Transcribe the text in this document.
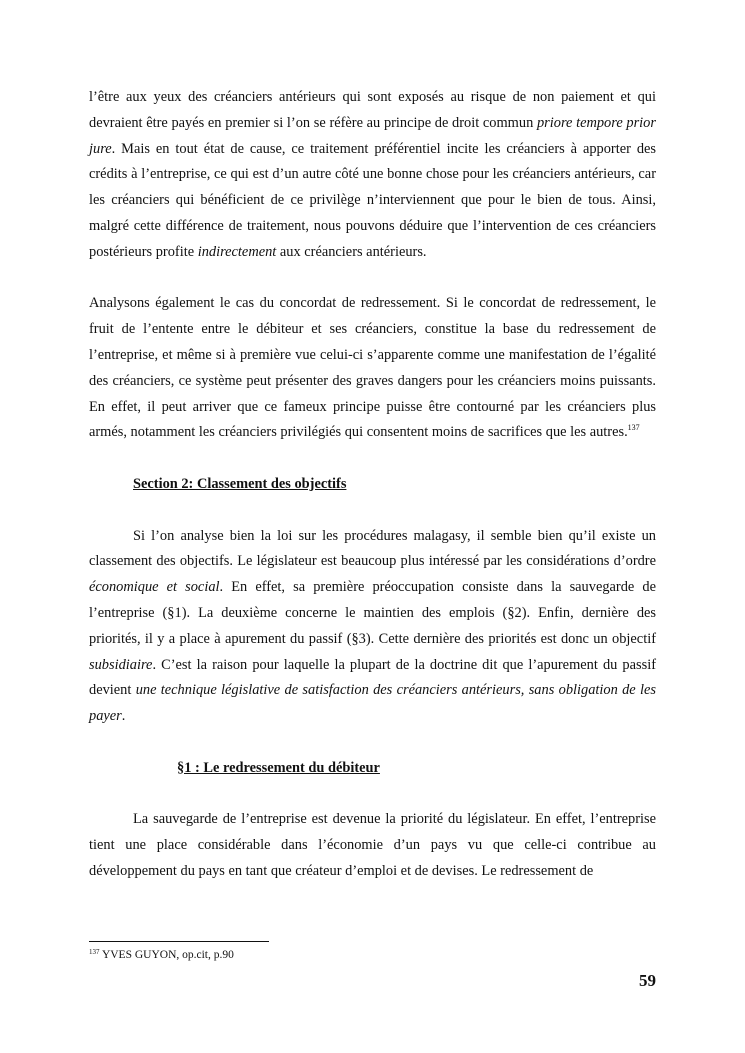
l’être aux yeux des créanciers antérieurs qui sont exposés au risque de non paiement et qui devraient être payés en premier si l’on se réfère au principe de droit commun priore tempore prior jure. Mais en tout état de cause, ce traitement préférentiel incite les créanciers à apporter des crédits à l’entreprise, ce qui est d’un autre côté une bonne chose pour les créanciers antérieurs, car les créanciers qui bénéficient de ce privilège n’interviennent que pour le bien de tous. Ainsi, malgré cette différence de traitement, nous pouvons déduire que l’intervention de ces créanciers postérieurs profite indirectement aux créanciers antérieurs.

Analysons également le cas du concordat de redressement. Si le concordat de redressement, le fruit de l’entente entre le débiteur et ses créanciers, constitue la base du redressement de l’entreprise, et même si à première vue celui-ci s’apparente comme une manifestation de l’égalité des créanciers, ce système peut présenter des graves dangers pour les créanciers moins puissants. En effet, il peut arriver que ce fameux principe puisse être contourné par les créanciers plus armés, notamment les créanciers privilégiés qui consentent moins de sacrifices que les autres.$^{137}$

Section 2: Classement des objectifs

Si l’on analyse bien la loi sur les procédures malagasy, il semble bien qu’il existe un classement des objectifs. Le législateur est beaucoup plus intéressé par les considérations d’ordre économique et social. En effet, sa première préoccupation consiste dans la sauvegarde de l’entreprise (§1). La deuxième concerne le maintien des emplois (§2). Enfin, dernière des priorités, il y a place à apurement du passif (§3). Cette dernière des priorités est donc un objectif subsidiaire. C’est la raison pour laquelle la plupart de la doctrine dit que l’apurement du passif devient une technique législative de satisfaction des créanciers antérieurs, sans obligation de les payer.

§1 : Le redressement du débiteur

La sauvegarde de l’entreprise est devenue la priorité du législateur. En effet, l’entreprise tient une place considérable dans l’économie d’un pays vu que celle-ci contribue au développement du pays en tant que créateur d’emploi et de devises. Le redressement de

$^{137}$ YVES GUYON, op.cit, p.90
59
